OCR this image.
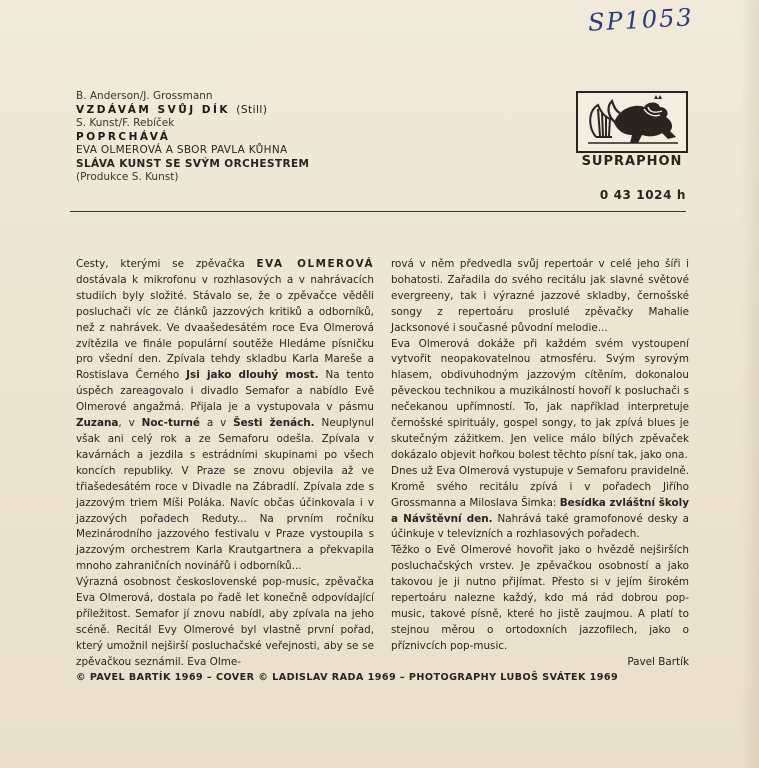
SP1053
B. Anderson/J. Grossmann
VZDÁVÁM SVŮJ DÍK (Still)
S. Kunst/F. Rebíček
POPRCHÁVÁ
EVA OLMEROVÁ A SBOR PAVLA KŮHNA
SLÁVA KUNST SE SVÝM ORCHESTREM
(Produkce S. Kunst)
SUPRAPHON
0 43 1024 h

Cesty, kterými se zpěvačka EVA OLMEROVÁ dostávala k mikrofonu v rozhlasových a v nahrávacích studiích byly složité. Stávalo se, že o zpěvačce věděli posluchači víc ze článků jazzových kritiků a odborníků, než z nahrávek. Ve dvaašedesátém roce Eva Olmerová zvítězila ve finále populární soutěže Hledáme písničku pro všední den. Zpívala tehdy skladbu Karla Mareše a Rostislava Černého Jsi jako dlouhý most. Na tento úspěch zareagovalo i divadlo Semafor a nabídlo Evě Olmerové angažmá. Přijala je a vystupovala v pásmu Zuzana, v Noc-turné a v Šesti ženách. Neuplynul však ani celý rok a ze Semaforu odešla. Zpívala v kavárnách a jezdila s estrádními skupinami po všech koncích republiky. V Praze se znovu objevila až ve třiašedesátém roce v Divadle na Zábradlí. Zpívala zde s jazzovým triem Míši Poláka. Navíc občas účinkovala i v jazzových pořadech Reduty... Na prvním ročníku Mezinárodního jazzového festivalu v Praze vystoupila s jazzovým orchestrem Karla Krautgartnera a překvapila mnoho zahraničních novinářů i odborníků...

Výrazná osobnost československé pop-music, zpěvačka Eva Olmerová, dostala po řadě let konečně odpovídající příležitost. Semafor jí znovu nabídl, aby zpívala na jeho scéně. Recitál Evy Olmerové byl vlastně první pořad, který umožnil nejširší posluchačské veřejnosti, aby se se zpěvačkou seznámil. Eva Olme-

rová v něm předvedla svůj repertoár v celé jeho šíři i bohatosti. Zařadila do svého recitálu jak slavné světové evergreeny, tak i výrazné jazzové skladby, černošské songy z repertoáru proslulé zpěvačky Mahalie Jacksonové i současné původní melodie...

Eva Olmerová dokáže při každém svém vystoupení vytvořit neopakovatelnou atmosféru. Svým syrovým hlasem, obdivuhodným jazzovým cítěním, dokonalou pěveckou technikou a muzikálností hovoří k posluchači s nečekanou upřímností. To, jak například interpretuje černošské spirituály, gospel songy, to jak zpívá blues je skutečným zážitkem. Jen velice málo bílých zpěvaček dokázalo objevit hořkou bolest těchto písní tak, jako ona.

Dnes už Eva Olmerová vystupuje v Semaforu pravidelně. Kromě svého recitálu zpívá i v pořadech Jiřího Grossmanna a Miloslava Šimka: Besídka zvláštní školy a Návštěvní den. Nahrává také gramofonové desky a účinkuje v televizních a rozhlasových pořadech.

Těžko o Evě Olmerové hovořit jako o hvězdě nejširších posluchačských vrstev. Je zpěvačkou osobností a jako takovou je ji nutno přijímat. Přesto si v jejím širokém repertoáru nalezne každý, kdo má rád dobrou pop-music, takové písně, které ho jistě zaujmou. A platí to stejnou měrou o ortodoxních jazzofilech, jako o příznivcích pop-music.

Pavel Bartík

© PAVEL BARTÍK 1969 – COVER © LADISLAV RADA 1969 – PHOTOGRAPHY LUBOŠ SVÁTEK 1969
